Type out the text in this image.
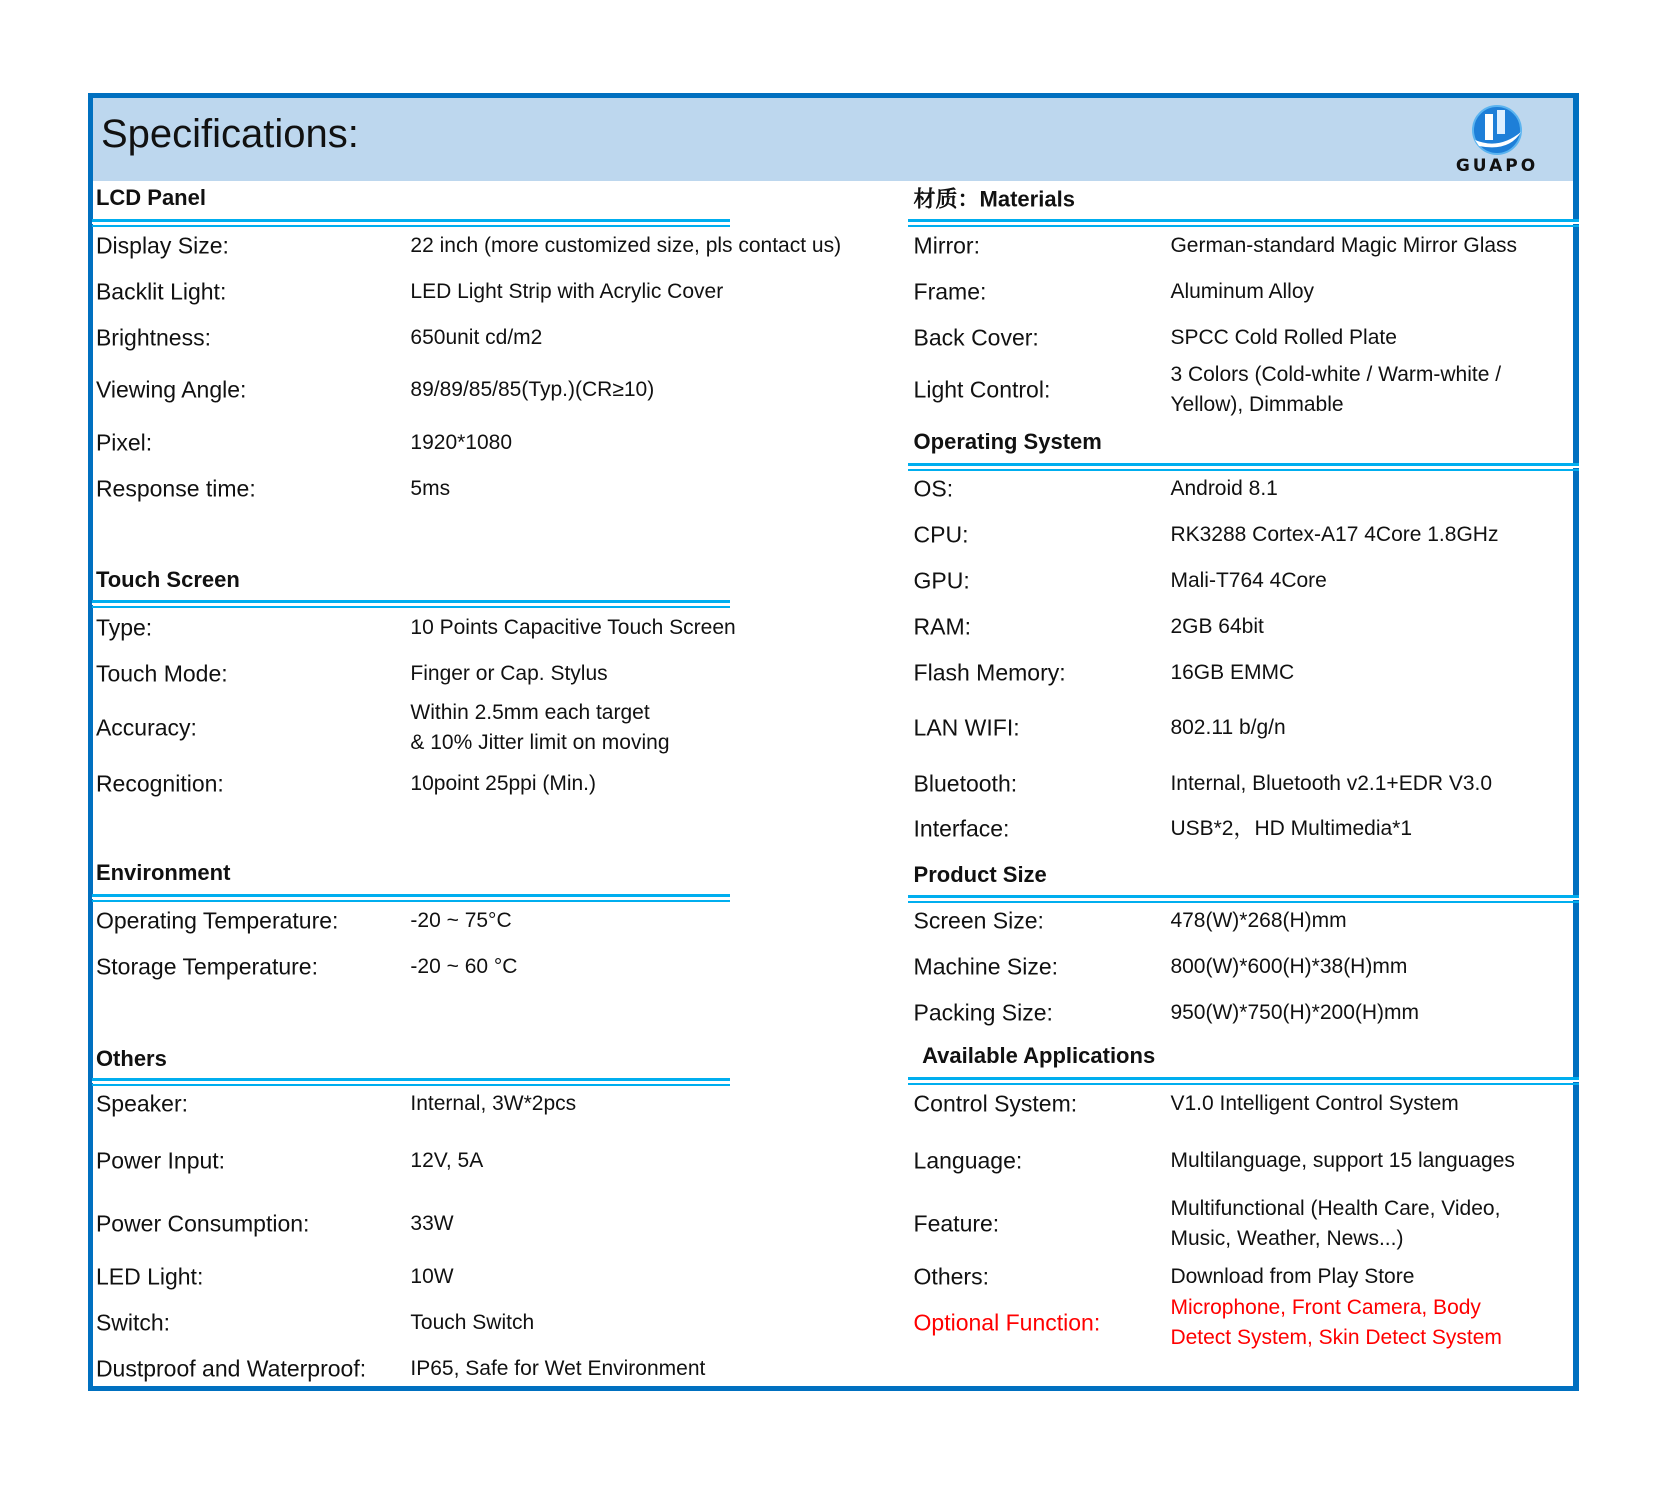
Specifications:
GUAPO
LCD Panel
Display Size:	22 inch (more customized size, pls contact us)
Backlit Light:	LED Light Strip with Acrylic Cover
Brightness:	650unit cd/m2
Viewing Angle:	89/89/85/85(Typ.)(CR≥10)
Pixel:	1920*1080
Response time:	5ms
Touch Screen
Type:	10 Points Capacitive Touch Screen
Touch Mode:	Finger or Cap. Stylus
Accuracy:
Within 2.5mm each target
& 10% Jitter limit on moving
Recognition:	10point 25ppi (Min.)
Environment
Operating Temperature:	-20 ~ 75°C
Storage Temperature:	-20 ~ 60 °C
Others
Speaker:	Internal, 3W*2pcs
Power Input:	12V, 5A
Power Consumption:	33W
LED Light:	10W
Switch:	Touch Switch
Dustproof and Waterproof: IP65, Safe for Wet Environment
材质：Materials
Mirror:	German-standard Magic Mirror Glass
Frame:	Aluminum Alloy
Back Cover:	SPCC Cold Rolled Plate
Light Control:
3 Colors (Cold-white / Warm-white /
Yellow), Dimmable
Operating System
OS:	Android 8.1
CPU:	RK3288 Cortex-A17 4Core 1.8GHz
GPU:	Mali-T764 4Core
RAM:	2GB 64bit
Flash Memory:	16GB EMMC
LAN WIFI:	802.11 b/g/n
Bluetooth:	Internal, Bluetooth v2.1+EDR V3.0
Interface:	USB*2，HD Multimedia*1
Product Size
Screen Size:	478(W)*268(H)mm
Machine Size:	800(W)*600(H)*38(H)mm
Packing Size:	950(W)*750(H)*200(H)mm
Available Applications
Control System:	V1.0 Intelligent Control System
Language:	Multilanguage, support 15 languages
Feature:
Multifunctional (Health Care, Video,
Music, Weather, News...)
Others:	Download from Play Store
Optional Function:
Microphone, Front Camera, Body
Detect System, Skin Detect System
